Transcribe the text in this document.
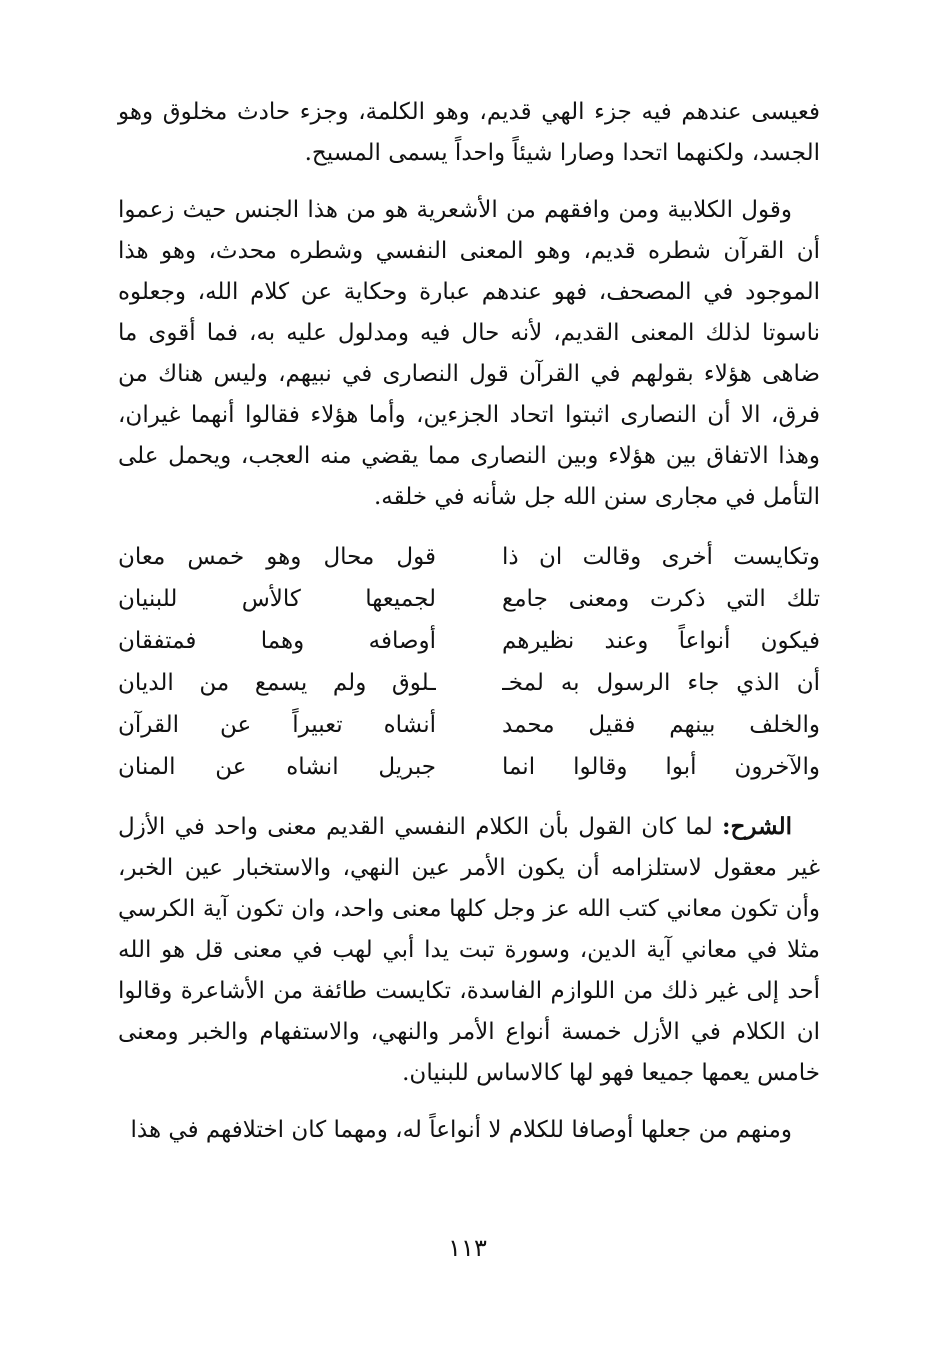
فعيسى عندهم فيه جزء الهي قديم، وهو الكلمة، وجزء حادث مخلوق وهو الجسد، ولكنهما اتحدا وصارا شيئاً واحداً يسمى المسيح.

وقول الكلابية ومن وافقهم من الأشعرية هو من هذا الجنس حيث زعموا أن القرآن شطره قديم، وهو المعنى النفسي وشطره محدث، وهو هذا الموجود في المصحف، فهو عندهم عبارة وحكاية عن كلام الله، وجعلوه ناسوتا لذلك المعنى القديم، لأنه حال فيه ومدلول عليه به، فما أقوى ما ضاهى هؤلاء بقولهم في القرآن قول النصارى في نبيهم، وليس هناك من فرق، الا أن النصارى اثبتوا اتحاد الجزءين، وأما هؤلاء فقالوا أنهما غيران، وهذا الاتفاق بين هؤلاء وبين النصارى مما يقضي منه العجب، ويحمل على التأمل في مجارى سنن الله جل شأنه في خلقه.

وتكايست أخرى وقالت ان ذا
قول محال وهو خمس معان
تلك التي ذكرت ومعنى جامع
لجميعها كالأس للبنيان
فيكون أنواعاً وعند نظيرهم
أوصافه وهما فمتفقان
أن الذي جاء الرسول به لمخـ
ـلوق ولم يسمع من الديان
والخلف بينهم فقيل محمد
أنشاه تعبيراً عن القرآن
والآخرون أبوا وقالوا انما
جبريل انشاه عن المنان

الشرح: لما كان القول بأن الكلام النفسي القديم معنى واحد في الأزل غير معقول لاستلزامه أن يكون الأمر عين النهي، والاستخبار عين الخبر، وأن تكون معاني كتب الله عز وجل كلها معنى واحد، وان تكون آية الكرسي مثلا في معاني آية الدين، وسورة تبت يدا أبي لهب في معنى قل هو الله أحد إلى غير ذلك من اللوازم الفاسدة، تكايست طائفة من الأشاعرة وقالوا ان الكلام في الأزل خمسة أنواع الأمر والنهي، والاستفهام والخبر ومعنى خامس يعمها جميعا فهو لها كالاساس للبنيان.

ومنهم من جعلها أوصافا للكلام لا أنواعاً له، ومهما كان اختلافهم في هذا

١١٣
